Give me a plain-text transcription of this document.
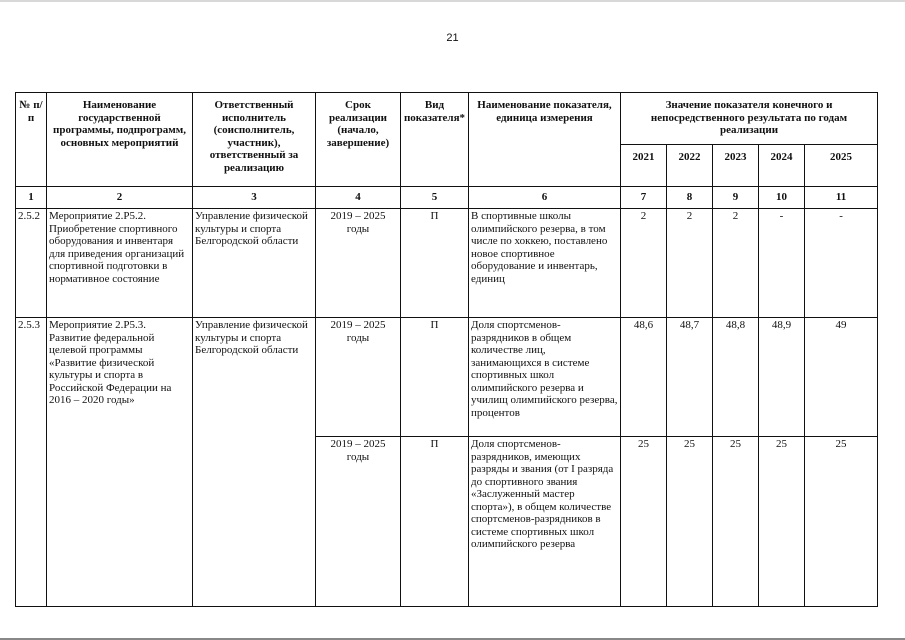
21
№ п/п	Наименование государственной программы, подпрограмм, основных мероприятий	Ответственный исполнитель (соисполнитель, участник), ответственный за реализацию	Срок реализации (начало, завершение)	Вид показателя*	Наименование показателя, единица измерения	Значение показателя конечного и непосредственного результата по годам реализации				
						2021	2022	2023	2024	2025
1	2	3	4	5	6	7	8	9	10	11
2.5.2	Мероприятие 2.Р5.2. Приобретение спортивного оборудования и инвентаря для приведения организаций спортивной подготовки в нормативное состояние	Управление физической культуры и спорта Белгородской области	2019 – 2025 годы	П	В спортивные школы олимпийского резерва, в том числе по хоккею, поставлено новое спортивное оборудование и инвентарь, единиц	2	2	2	-	-
2.5.3	Мероприятие 2.Р5.3. Развитие федеральной целевой программы «Развитие физической культуры и спорта в Российской Федерации на 2016 – 2020 годы»	Управление физической культуры и спорта Белгородской области	2019 – 2025 годы	П	Доля спортсменов-разрядников в общем количестве лиц, занимающихся в системе спортивных школ олимпийского резерва и училищ олимпийского резерва, процентов	48,6	48,7	48,8	48,9	49
			2019 – 2025 годы	П	Доля спортсменов-разрядников, имеющих разряды и звания (от I разряда до спортивного звания «Заслуженный мастер спорта»), в общем количестве спортсменов-разрядников в системе спортивных школ олимпийского резерва	25	25	25	25	25
